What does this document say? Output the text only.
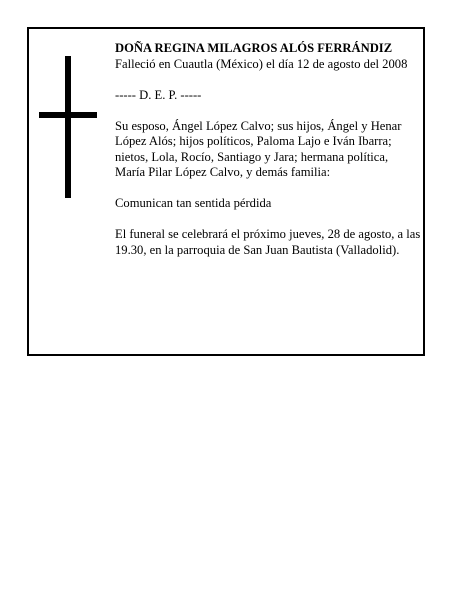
DOÑA REGINA MILAGROS ALÓS FERRÁNDIZ

Falleció en Cuautla (México) el día 12 de agosto del 2008

----- D. E. P. -----

Su esposo, Ángel López Calvo; sus hijos, Ángel y Henar López Alós; hijos políticos, Paloma Lajo e Iván Ibarra; nietos, Lola, Rocío, Santiago y Jara; hermana política, María Pilar López Calvo, y demás familia:

Comunican tan sentida pérdida

El funeral se celebrará el próximo jueves, 28 de agosto, a las 19.30, en la parroquia de San Juan Bautista (Valladolid).
